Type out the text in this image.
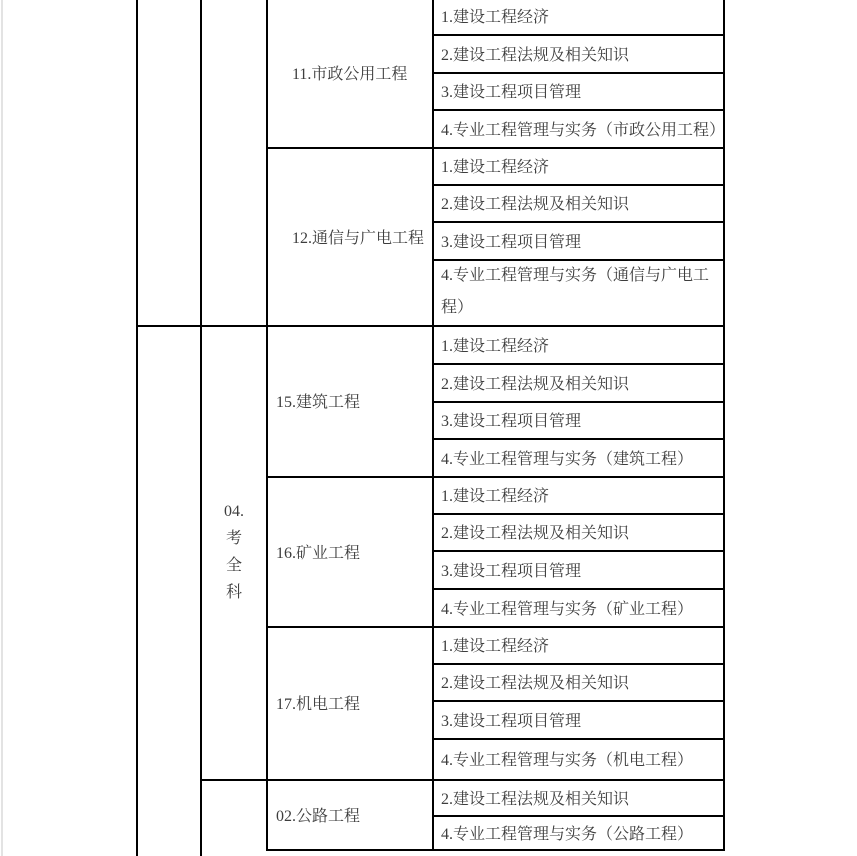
04.
考
全
科
11.市政公用工程
12.通信与广电工程
15.建筑工程
16.矿业工程
17.机电工程
02.公路工程
1.建设工程经济
2.建设工程法规及相关知识
3.建设工程项目管理
4.专业工程管理与实务（市政公用工程）
1.建设工程经济
2.建设工程法规及相关知识
3.建设工程项目管理
4.专业工程管理与实务（通信与广电工程）
1.建设工程经济
2.建设工程法规及相关知识
3.建设工程项目管理
4.专业工程管理与实务（建筑工程）
1.建设工程经济
2.建设工程法规及相关知识
3.建设工程项目管理
4.专业工程管理与实务（矿业工程）
1.建设工程经济
2.建设工程法规及相关知识
3.建设工程项目管理
4.专业工程管理与实务（机电工程）
2.建设工程法规及相关知识
4.专业工程管理与实务（公路工程）
